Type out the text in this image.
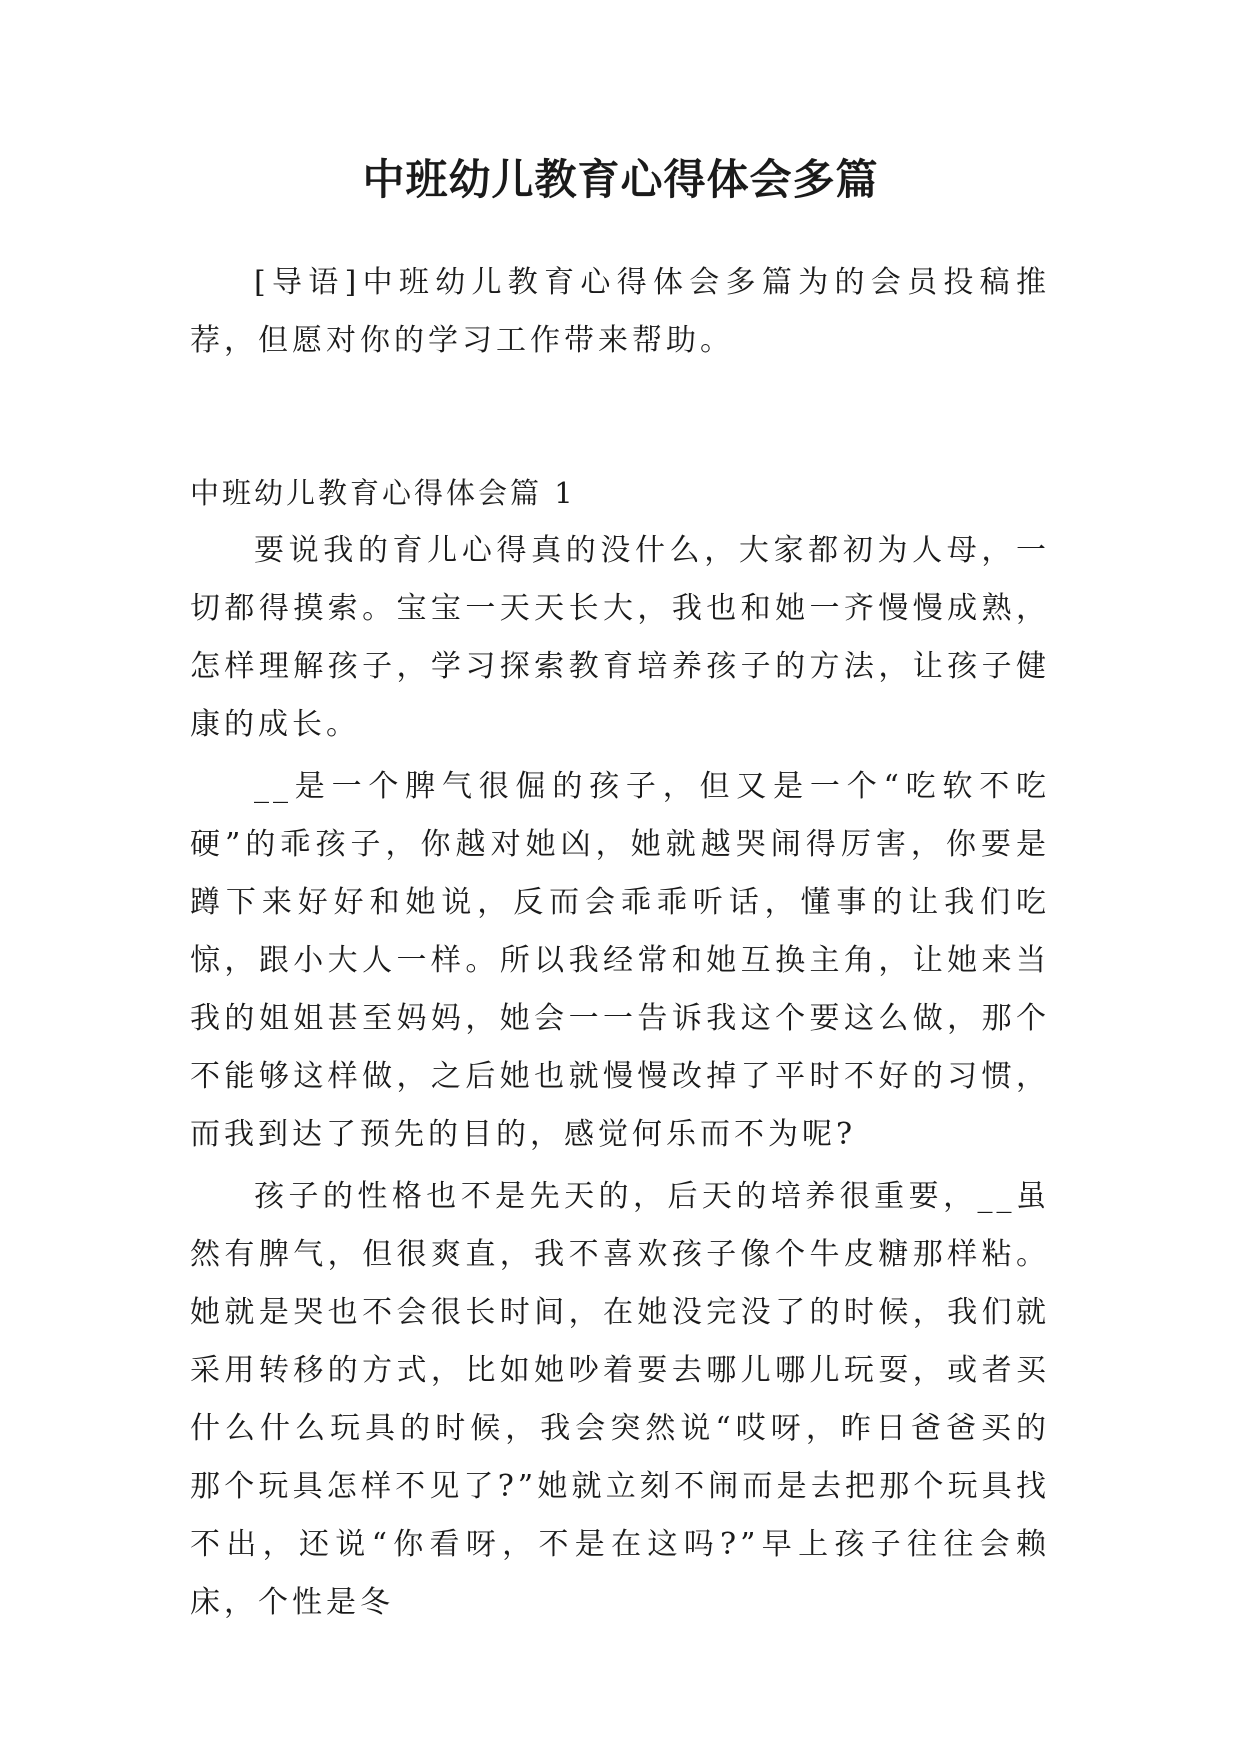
中班幼儿教育心得体会多篇

[导语]中班幼儿教育心得体会多篇为的会员投稿推荐，但愿对你的学习工作带来帮助。

中班幼儿教育心得体会篇 1

要说我的育儿心得真的没什么，大家都初为人母，一切都得摸索。宝宝一天天长大，我也和她一齐慢慢成熟，怎样理解孩子，学习探索教育培养孩子的方法，让孩子健康的成长。

__是一个脾气很倔的孩子，但又是一个“吃软不吃硬”的乖孩子，你越对她凶，她就越哭闹得厉害，你要是蹲下来好好和她说，反而会乖乖听话，懂事的让我们吃惊，跟小大人一样。所以我经常和她互换主角，让她来当我的姐姐甚至妈妈，她会一一告诉我这个要这么做，那个不能够这样做，之后她也就慢慢改掉了平时不好的习惯，而我到达了预先的目的，感觉何乐而不为呢?

孩子的性格也不是先天的，后天的培养很重要，__虽然有脾气，但很爽直，我不喜欢孩子像个牛皮糖那样粘。她就是哭也不会很长时间，在她没完没了的时候，我们就采用转移的方式，比如她吵着要去哪儿哪儿玩耍，或者买什么什么玩具的时候，我会突然说“哎呀，昨日爸爸买的那个玩具怎样不见了?”她就立刻不闹而是去把那个玩具找不出，还说“你看呀，不是在这吗?”早上孩子往往会赖床，个性是冬
